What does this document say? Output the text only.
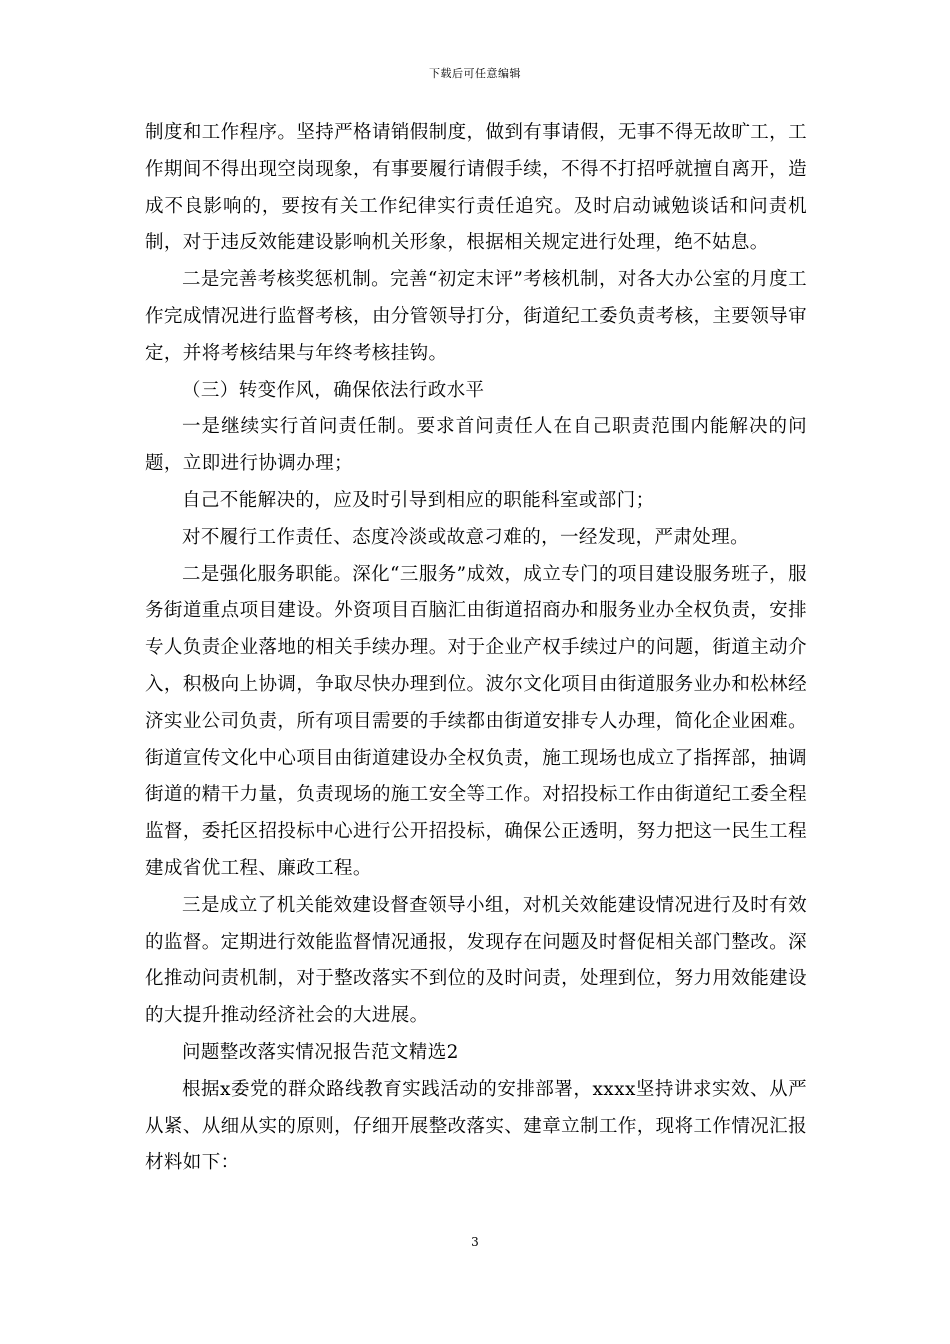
下载后可任意编辑

制度和工作程序。坚持严格请销假制度，做到有事请假，无事不得无故旷工，工作期间不得出现空岗现象，有事要履行请假手续，不得不打招呼就擅自离开，造成不良影响的，要按有关工作纪律实行责任追究。及时启动诫勉谈话和问责机制，对于违反效能建设影响机关形象，根据相关规定进行处理，绝不姑息。

二是完善考核奖惩机制。完善“初定末评”考核机制，对各大办公室的月度工作完成情况进行监督考核，由分管领导打分，街道纪工委负责考核，主要领导审定，并将考核结果与年终考核挂钩。

（三）转变作风，确保依法行政水平

一是继续实行首问责任制。要求首问责任人在自己职责范围内能解决的问题，立即进行协调办理；

自己不能解决的，应及时引导到相应的职能科室或部门；

对不履行工作责任、态度冷淡或故意刁难的，一经发现，严肃处理。

二是强化服务职能。深化“三服务”成效，成立专门的项目建设服务班子，服务街道重点项目建设。外资项目百脑汇由街道招商办和服务业办全权负责，安排专人负责企业落地的相关手续办理。对于企业产权手续过户的问题，街道主动介入，积极向上协调，争取尽快办理到位。波尔文化项目由街道服务业办和松林经济实业公司负责，所有项目需要的手续都由街道安排专人办理，简化企业困难。街道宣传文化中心项目由街道建设办全权负责，施工现场也成立了指挥部，抽调街道的精干力量，负责现场的施工安全等工作。对招投标工作由街道纪工委全程监督，委托区招投标中心进行公开招投标，确保公正透明，努力把这一民生工程建成省优工程、廉政工程。

三是成立了机关能效建设督查领导小组，对机关效能建设情况进行及时有效的监督。定期进行效能监督情况通报，发现存在问题及时督促相关部门整改。深化推动问责机制，对于整改落实不到位的及时问责，处理到位，努力用效能建设的大提升推动经济社会的大进展。

问题整改落实情况报告范文精选2

根据x委党的群众路线教育实践活动的安排部署，xxxx坚持讲求实效、从严从紧、从细从实的原则，仔细开展整改落实、建章立制工作，现将工作情况汇报材料如下：

3
